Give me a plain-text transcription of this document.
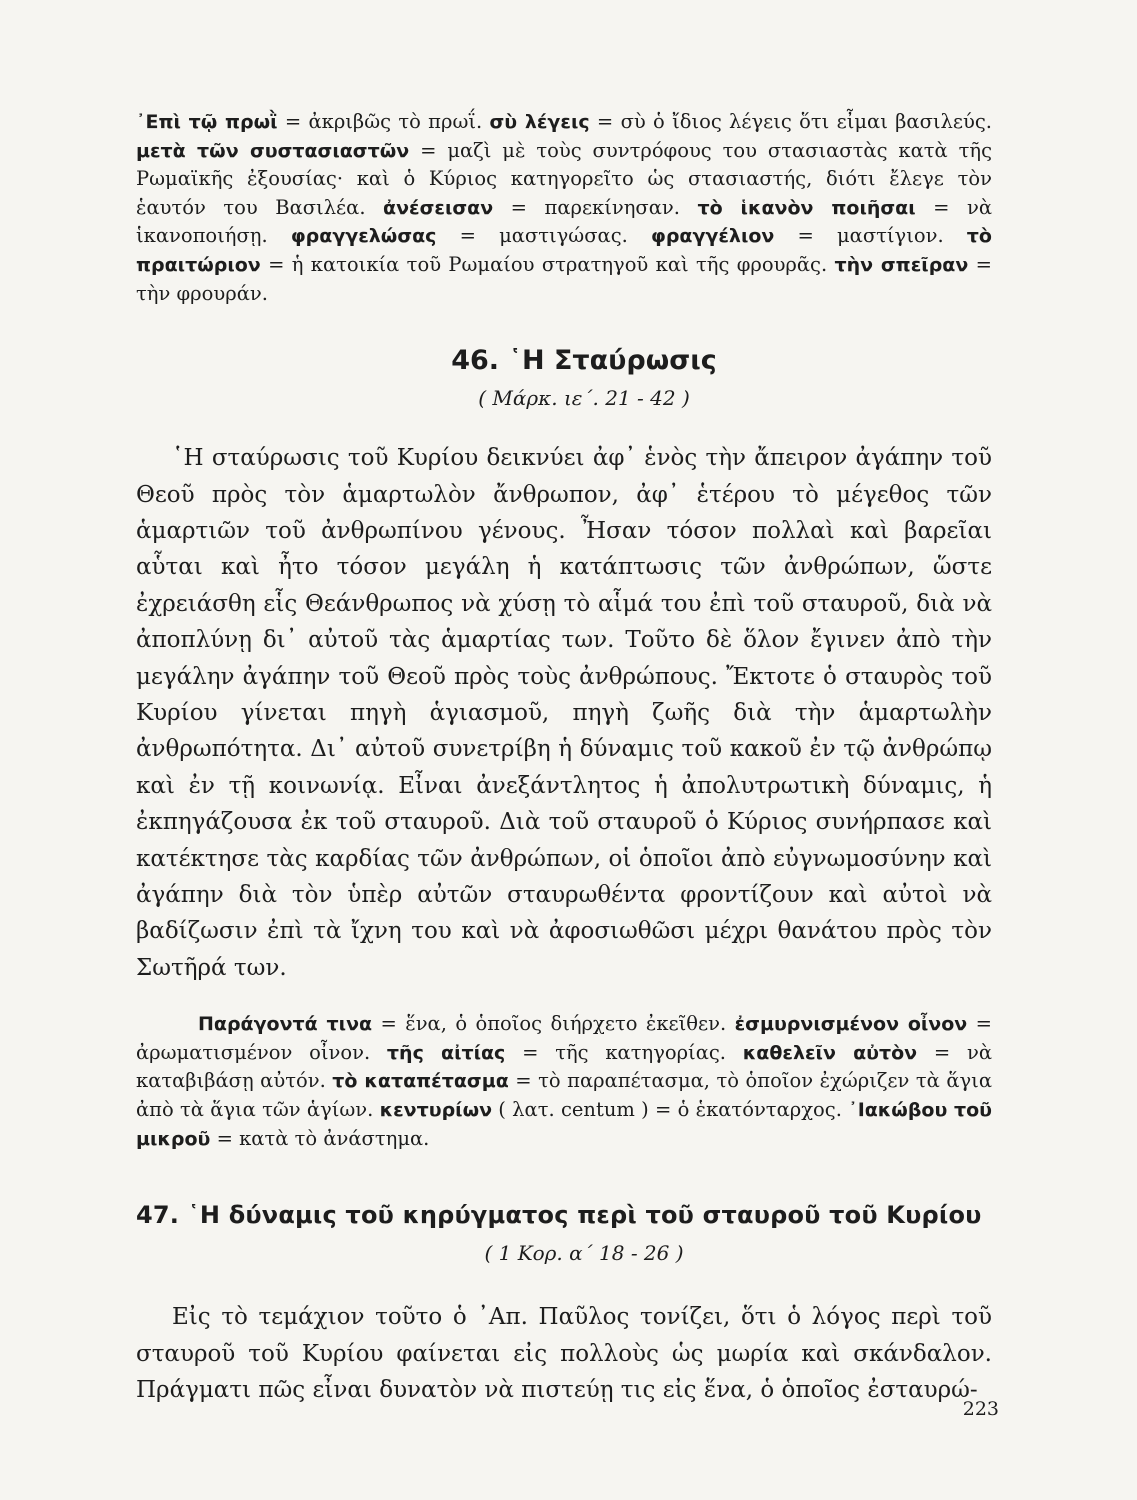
᾿Επὶ τῷ πρωῒ = ἀκριβῶς τὸ πρωΐ. σὺ λέγεις = σὺ ὁ ἴδιος λέγεις ὅτι εἶμαι βασιλεύς. μετὰ τῶν συστασιαστῶν = μαζὶ μὲ τοὺς συντρόφους του στασιαστὰς κατὰ τῆς Ρωμαϊκῆς ἐξουσίας· καὶ ὁ Κύριος κατηγορεῖτο ὡς στασιαστής, διότι ἔλεγε τὸν ἑαυτόν του Βασιλέα. ἀνέσεισαν = παρεκίνησαν. τὸ ἱκανὸν ποιῆσαι = νὰ ἱκανοποιήσῃ. φραγγελώσας = μαστιγώσας. φραγγέλιον = μαστίγιον. τὸ πραιτώριον = ἡ κατοικία τοῦ Ρωμαίου στρατηγοῦ καὶ τῆς φρουρᾶς. τὴν σπεῖραν = τὴν φρουράν.

46. ῾Η Σταύρωσις

( Μάρκ. ιε΄. 21 - 42 )

῾Η σταύρωσις τοῦ Κυρίου δεικνύει ἀφ᾿ ἑνὸς τὴν ἄπειρον ἀγάπην τοῦ Θεοῦ πρὸς τὸν ἁμαρτωλὸν ἄνθρωπον, ἀφ᾿ ἑτέρου τὸ μέγεθος τῶν ἁμαρτιῶν τοῦ ἀνθρωπίνου γένους. Ἦσαν τόσον πολλαὶ καὶ βαρεῖαι αὗται καὶ ἦτο τόσον μεγάλη ἡ κατάπτωσις τῶν ἀνθρώπων, ὥστε ἐχρειάσθη εἷς Θεάνθρωπος νὰ χύσῃ τὸ αἷμά του ἐπὶ τοῦ σταυροῦ, διὰ νὰ ἀποπλύνῃ δι᾿ αὐτοῦ τὰς ἁμαρτίας των. Τοῦτο δὲ ὅλον ἔγινεν ἀπὸ τὴν μεγάλην ἀγάπην τοῦ Θεοῦ πρὸς τοὺς ἀνθρώπους. Ἔκτοτε ὁ σταυρὸς τοῦ Κυρίου γίνεται πηγὴ ἁγιασμοῦ, πηγὴ ζωῆς διὰ τὴν ἁμαρτωλὴν ἀνθρωπότητα. Δι᾿ αὐτοῦ συνετρίβη ἡ δύναμις τοῦ κακοῦ ἐν τῷ ἀνθρώπῳ καὶ ἐν τῇ κοινωνίᾳ. Εἶναι ἀνεξάντλητος ἡ ἀπολυτρωτικὴ δύναμις, ἡ ἐκπηγάζουσα ἐκ τοῦ σταυροῦ. Διὰ τοῦ σταυροῦ ὁ Κύριος συνήρπασε καὶ κατέκτησε τὰς καρδίας τῶν ἀνθρώπων, οἱ ὁποῖοι ἀπὸ εὐγνωμοσύνην καὶ ἀγάπην διὰ τὸν ὑπὲρ αὐτῶν σταυρωθέντα φροντίζουν καὶ αὐτοὶ νὰ βαδίζωσιν ἐπὶ τὰ ἴχνη του καὶ νὰ ἀφοσιωθῶσι μέχρι θανάτου πρὸς τὸν Σωτῆρά των.

Παράγοντά τινα = ἕνα, ὁ ὁποῖος διήρχετο ἐκεῖθεν. ἐσμυρνισμένον οἶνον = ἀρωματισμένον οἶνον. τῆς αἰτίας = τῆς κατηγορίας. καθελεῖν αὐτὸν = νὰ καταβιβάσῃ αὐτόν. τὸ καταπέτασμα = τὸ παραπέτασμα, τὸ ὁποῖον ἐχώριζεν τὰ ἅγια ἀπὸ τὰ ἅγια τῶν ἁγίων. κεντυρίων ( λατ. centum ) = ὁ ἑκατόνταρχος. ᾿Ιακώβου τοῦ μικροῦ = κατὰ τὸ ἀνάστημα.

47. ῾Η δύναμις τοῦ κηρύγματος περὶ τοῦ σταυροῦ τοῦ Κυρίου

( 1 Κορ. α΄ 18 - 26 )

Εἰς τὸ τεμάχιον τοῦτο ὁ ᾿Απ. Παῦλος τονίζει, ὅτι ὁ λόγος περὶ τοῦ σταυροῦ τοῦ Κυρίου φαίνεται εἰς πολλοὺς ὡς μωρία καὶ σκάνδαλον. Πράγματι πῶς εἶναι δυνατὸν νὰ πιστεύῃ τις εἰς ἕνα, ὁ ὁποῖος ἐσταυρώ-

223
